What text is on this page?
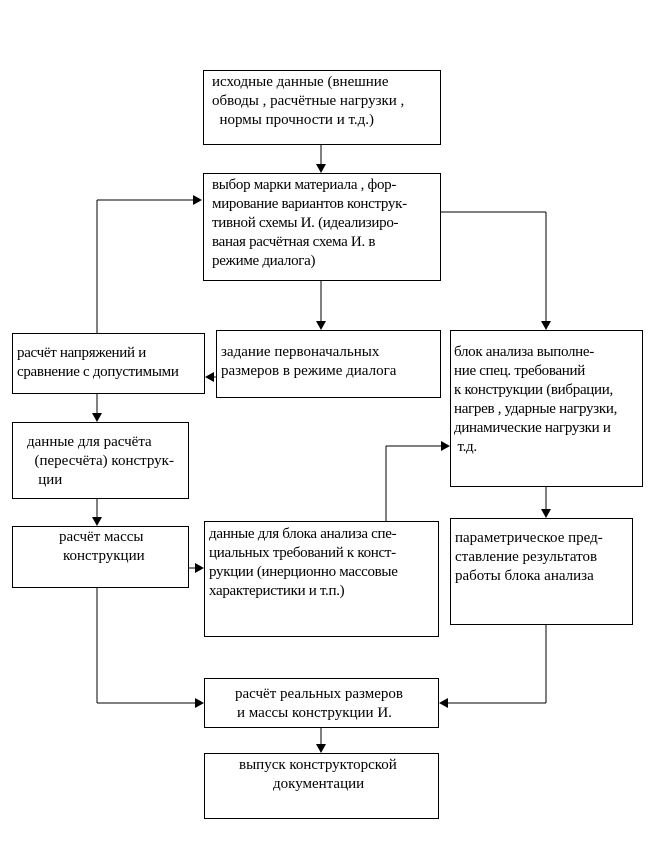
исходные данные (внешние
обводы , расчётные нагрузки ,
нормы прочности и т.д.)
выбор марки материала , фор-
мирование вариантов конструк-
тивной схемы И. (идеализиро-
ваная расчётная схема И. в
режиме диалога)
расчёт напряжений и
сравнение с допустимыми
задание первоначальных
размеров в режиме диалога
блок анализа выполне-
ние спец. требований
к конструкции (вибрации,
нагрев , ударные нагрузки,
динамические нагрузки и
т.д.
данные для расчёта
(пересчёта) конструк-
ции
расчёт массы
конструкции
данные для блока анализа спе-
циальных требований к конст-
рукции (инерционно массовые
характеристики и т.п.)
параметрическое пред-
ставление результатов
работы блока анализа
расчёт реальных размеров
и массы конструкции И.
выпуск конструкторской
документации
